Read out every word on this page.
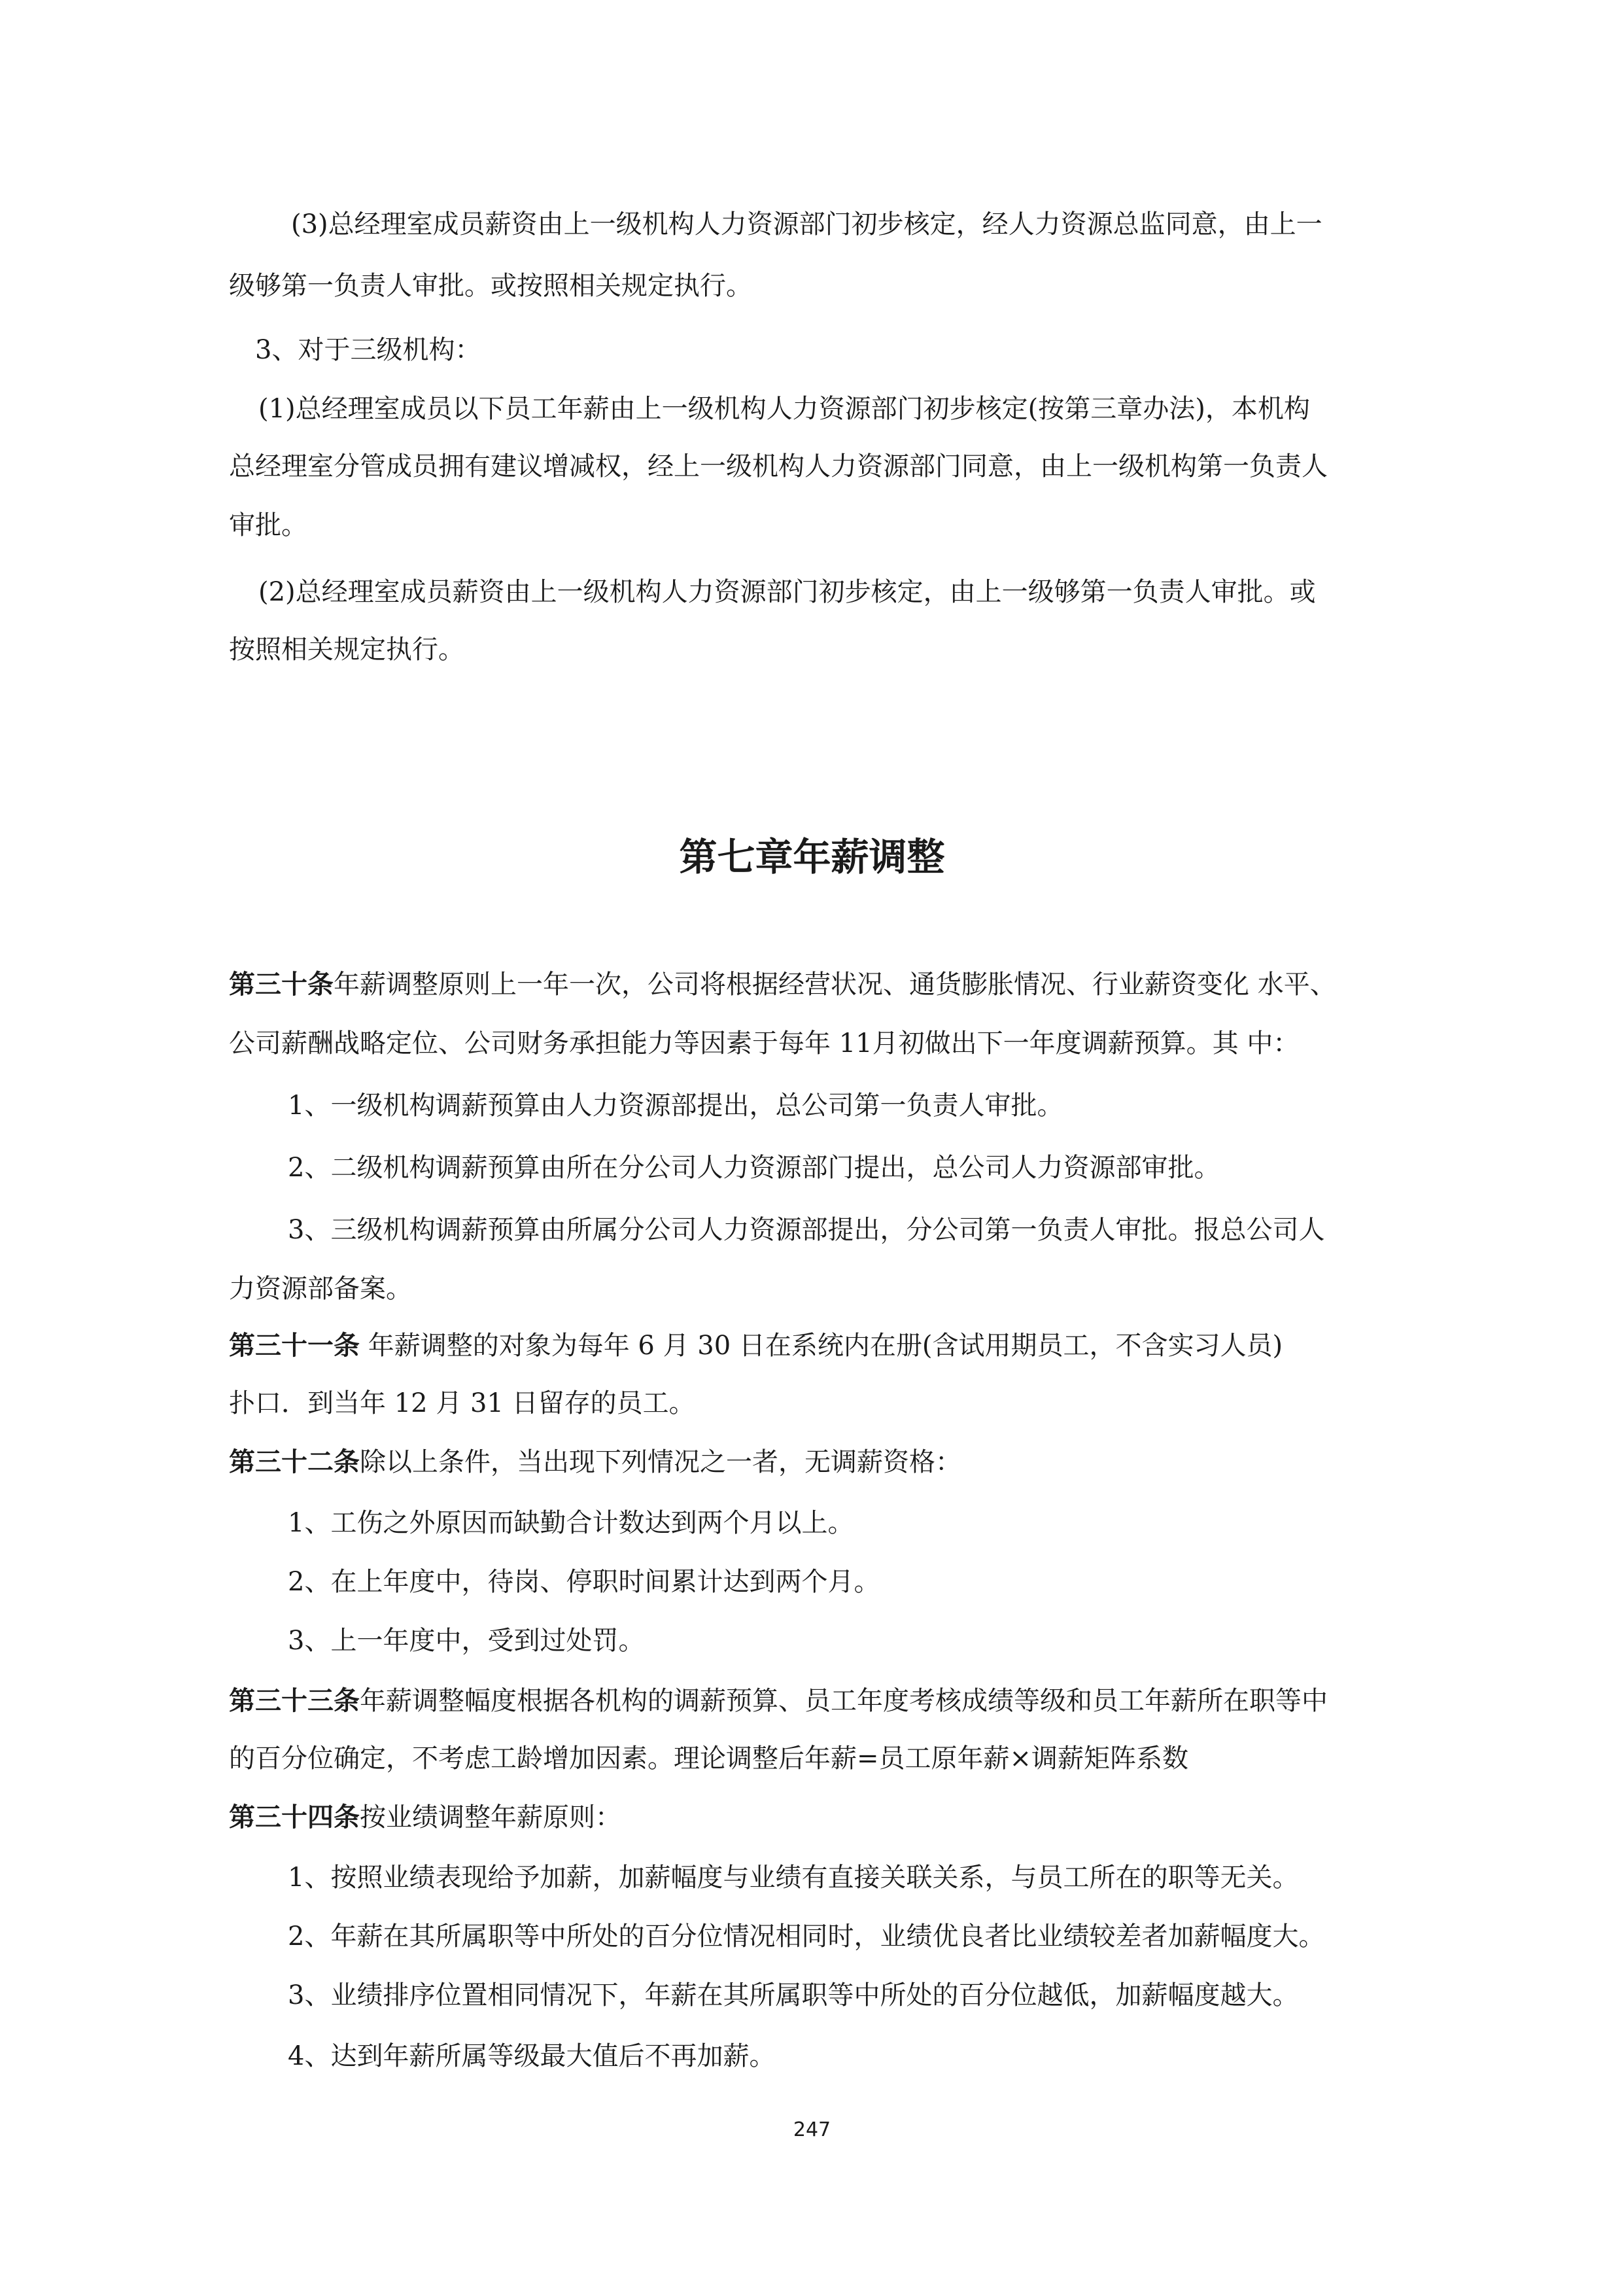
(3)总经理室成员薪资由上一级机构人力资源部门初步核定，经人力资源总监同意，由上一

级够第一负责人审批。或按照相关规定执行。

3、对于三级机构：

(1)总经理室成员以下员工年薪由上一级机构人力资源部门初步核定(按第三章办法)，本机构

总经理室分管成员拥有建议增减权，经上一级机构人力资源部门同意，由上一级机构第一负责人

审批。

(2)总经理室成员薪资由上一级机构人力资源部门初步核定，由上一级够第一负责人审批。或

按照相关规定执行。

第七章年薪调整

第三十条年薪调整原则上一年一次，公司将根据经营状况、通货膨胀情况、行业薪资变化 水平、

公司薪酬战略定位、公司财务承担能力等因素于每年 11月初做出下一年度调薪预算。其 中：

1、一级机构调薪预算由人力资源部提出，总公司第一负责人审批。

2、二级机构调薪预算由所在分公司人力资源部门提出，总公司人力资源部审批。

3、三级机构调薪预算由所属分公司人力资源部提出，分公司第一负责人审批。报总公司人

力资源部备案。

第三十一条 年薪调整的对象为每年 6 月 30 日在系统内在册(含试用期员工，不含实习人员)

扑口．到当年 12 月 31 日留存的员工。

第三十二条除以上条件，当出现下列情况之一者，无调薪资格：

1、工伤之外原因而缺勤合计数达到两个月以上。

2、在上年度中，待岗、停职时间累计达到两个月。

3、上一年度中，受到过处罚。

第三十三条年薪调整幅度根据各机构的调薪预算、员工年度考核成绩等级和员工年薪所在职等中

的百分位确定，不考虑工龄增加因素。理论调整后年薪=员工原年薪×调薪矩阵系数

第三十四条按业绩调整年薪原则：

1、按照业绩表现给予加薪，加薪幅度与业绩有直接关联关系，与员工所在的职等无关。

2、年薪在其所属职等中所处的百分位情况相同时，业绩优良者比业绩较差者加薪幅度大。

3、业绩排序位置相同情况下，年薪在其所属职等中所处的百分位越低，加薪幅度越大。

4、达到年薪所属等级最大值后不再加薪。

247
